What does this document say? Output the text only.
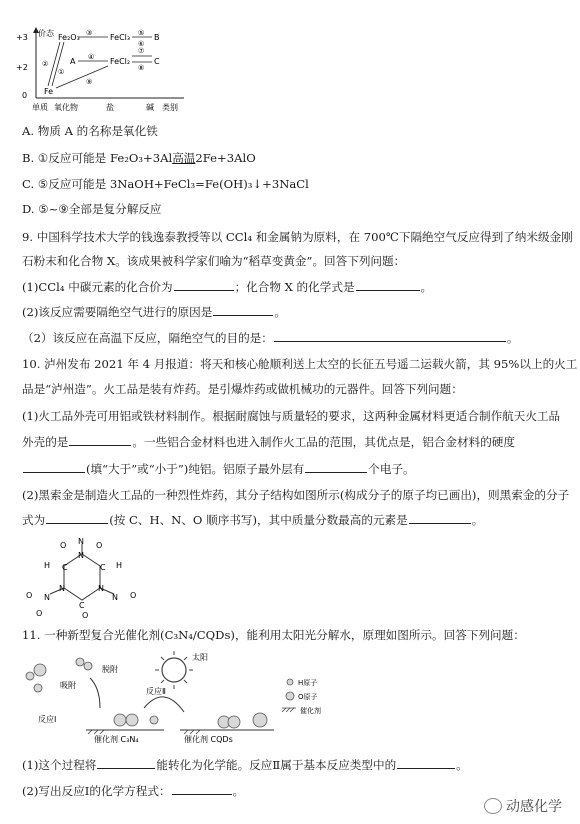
价态
+3
+2
0
单质 氧化物	盐	碱 类别
Fe₂O₃	FeCl₃
FeCl₂
Fe
A
B
C
③	⑤
⑦
⑧
④
①
②
⑨
⑥
A. 物质 A 的名称是氧化铁
B. ①反应可能是 Fe₂O₃+3Al高温2Fe+3AlO
C. ⑤反应可能是 3NaOH+FeCl₃=Fe(OH)₃↓+3NaCl
D. ⑤~⑨全部是复分解反应
9. 中国科学技术大学的钱逸泰教授等以 CCl₄ 和金属钠为原料，在 700℃下隔绝空气反应得到了纳米级金刚
石粉末和化合物 X。该成果被科学家们喻为“稻草变黄金”。回答下列问题：
(1)CCl₄ 中碳元素的化合价为	；化合物 X 的化学式是	。
(2)该反应需要隔绝空气进行的原因是	。
（2）该反应在高温下反应，隔绝空气的目的是：	。
10. 泸州发布 2021 年 4 月报道：将天和核心舱顺利送上太空的长征五号遥二运载火箭，其 95%以上的火工
品是“泸州造”。火工品是装有炸药。是引爆炸药或做机械功的元器件。回答下列问题：
(1)火工品外壳可用铝或铁材料制作。根据耐腐蚀与质量轻的要求，这两种金属材料更适合制作航天火工品
外壳的是	。一些铝合金材料也进入制作火工品的范围，其优点是，铝合金材料的硬度
(填“大于”或“小于”)纯铝。铝原子最外层有	个电子。
(2)黑索金是制造火工品的一种烈性炸药，其分子结构如图所示(构成分子的原子均已画出)，则黑索金的分子
式为	(按 C、H、N、O 顺序书写)，其中质量分数最高的元素是	。
N
N	N
N
N	N
O	O
O	O
O	O
C	C
C
H	H
11. 一种新型复合光催化剂(C₃N₄/CQDs)，能利用太阳光分解水，原理如图所示。回答下列问题：
太阳
脱附
吸附
反应Ⅰ
反应Ⅱ
催化剂 C₃N₄	催化剂 CQDs
H原子
O原子
催化剂
(1)这个过程将	能转化为化学能。反应Ⅱ属于基本反应类型中的	。
(2)写出反应Ⅰ的化学方程式：	。
动感化学
